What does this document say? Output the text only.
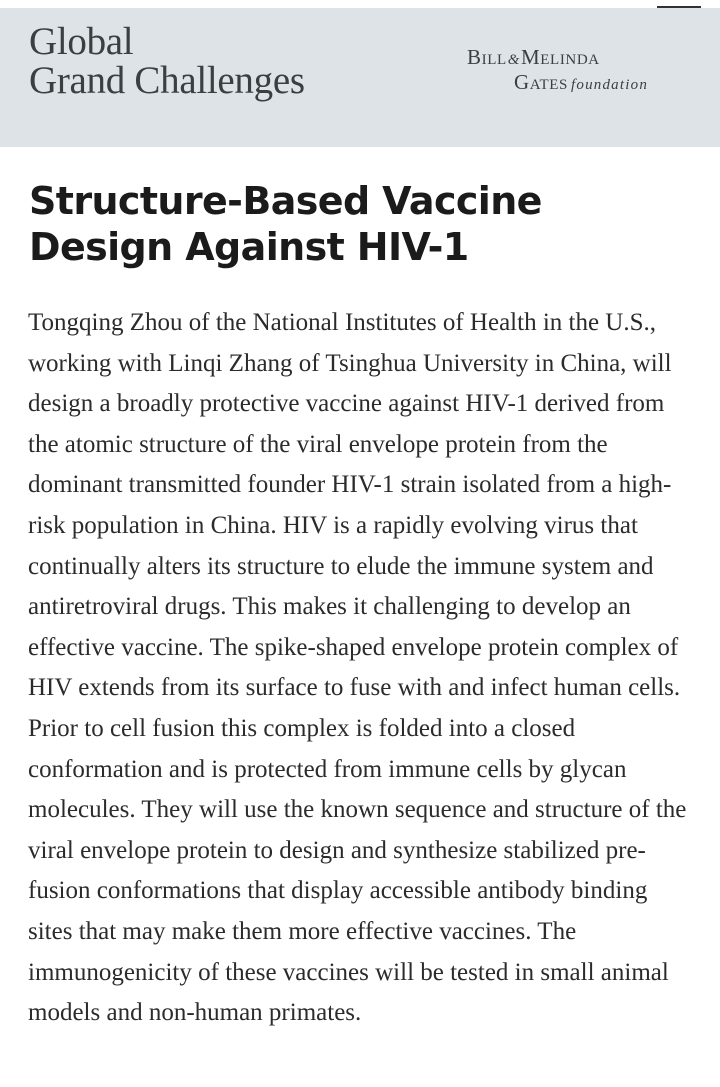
Global
Grand Challenges
Bill&Melinda
Gates foundation
Structure-Based Vaccine Design Against HIV-1

Tongqing Zhou of the National Institutes of Health in the U.S., working with Linqi Zhang of Tsinghua University in China, will design a broadly protective vaccine against HIV-1 derived from the atomic structure of the viral envelope protein from the dominant transmitted founder HIV-1 strain isolated from a high-risk population in China. HIV is a rapidly evolving virus that continually alters its structure to elude the immune system and antiretroviral drugs. This makes it challenging to develop an effective vaccine. The spike-shaped envelope protein complex of HIV extends from its surface to fuse with and infect human cells. Prior to cell fusion this complex is folded into a closed conformation and is protected from immune cells by glycan molecules. They will use the known sequence and structure of the viral envelope protein to design and synthesize stabilized pre-fusion conformations that display accessible antibody binding sites that may make them more effective vaccines. The immunogenicity of these vaccines will be tested in small animal models and non-human primates.
